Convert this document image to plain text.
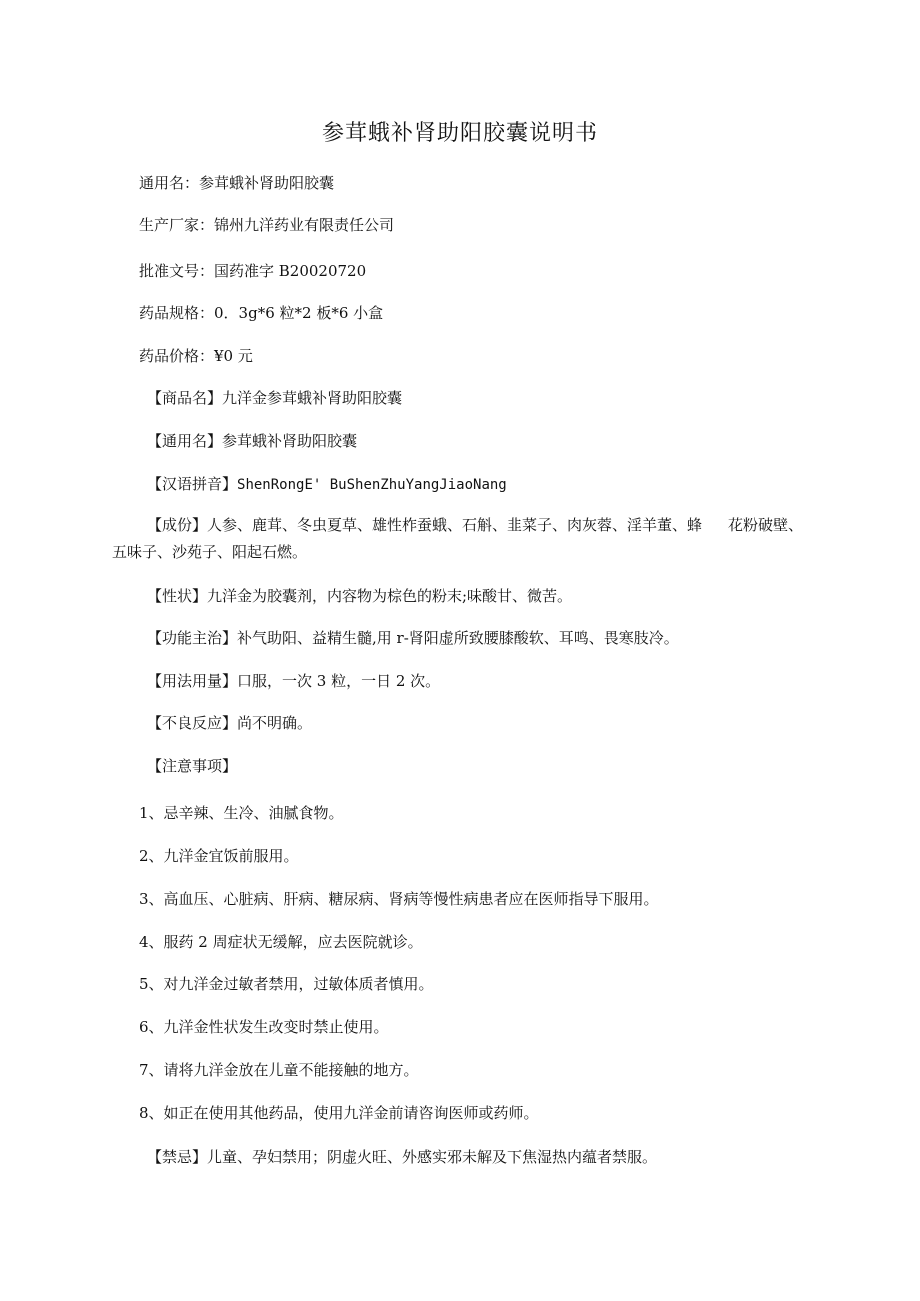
参茸蛾补肾助阳胶囊说明书

通用名：参茸蛾补肾助阳胶囊

生产厂家：锦州九洋药业有限责任公司

批准文号：国药准字 B20020720

药品规格：0．3g*6 粒*2 板*6 小盒

药品价格：¥0 元

【商品名】九洋金参茸蛾补肾助阳胶囊

【通用名】参茸蛾补肾助阳胶囊

【汉语拼音】ShenRongE' BuShenZhuYangJiaoNang

【成份】人参、鹿茸、冬虫夏草、雄性柞蚕蛾、石斛、韭菜子、肉灰蓉、淫羊董、蜂 花粉破壁、五味子、沙苑子、阳起石燃。

【性状】九洋金为胶囊剂，内容物为棕色的粉末;味酸甘、微苦。

【功能主治】补气助阳、益精生髓,用 r-肾阳虚所致腰膝酸软、耳鸣、畏寒肢冷。

【用法用量】口服，一次 3 粒，一日 2 次。

【不良反应】尚不明确。

【注意事项】

1、忌辛辣、生冷、油腻食物。

2、九洋金宜饭前服用。

3、高血压、心脏病、肝病、糖尿病、肾病等慢性病患者应在医师指导下服用。

4、服药 2 周症状无缓解，应去医院就诊。

5、对九洋金过敏者禁用，过敏体质者慎用。

6、九洋金性状发生改变时禁止使用。

7、请将九洋金放在儿童不能接触的地方。

8、如正在使用其他药品，使用九洋金前请咨询医师或药师。

【禁忌】儿童、孕妇禁用；阴虚火旺、外感实邪未解及下焦湿热内蕴者禁服。
